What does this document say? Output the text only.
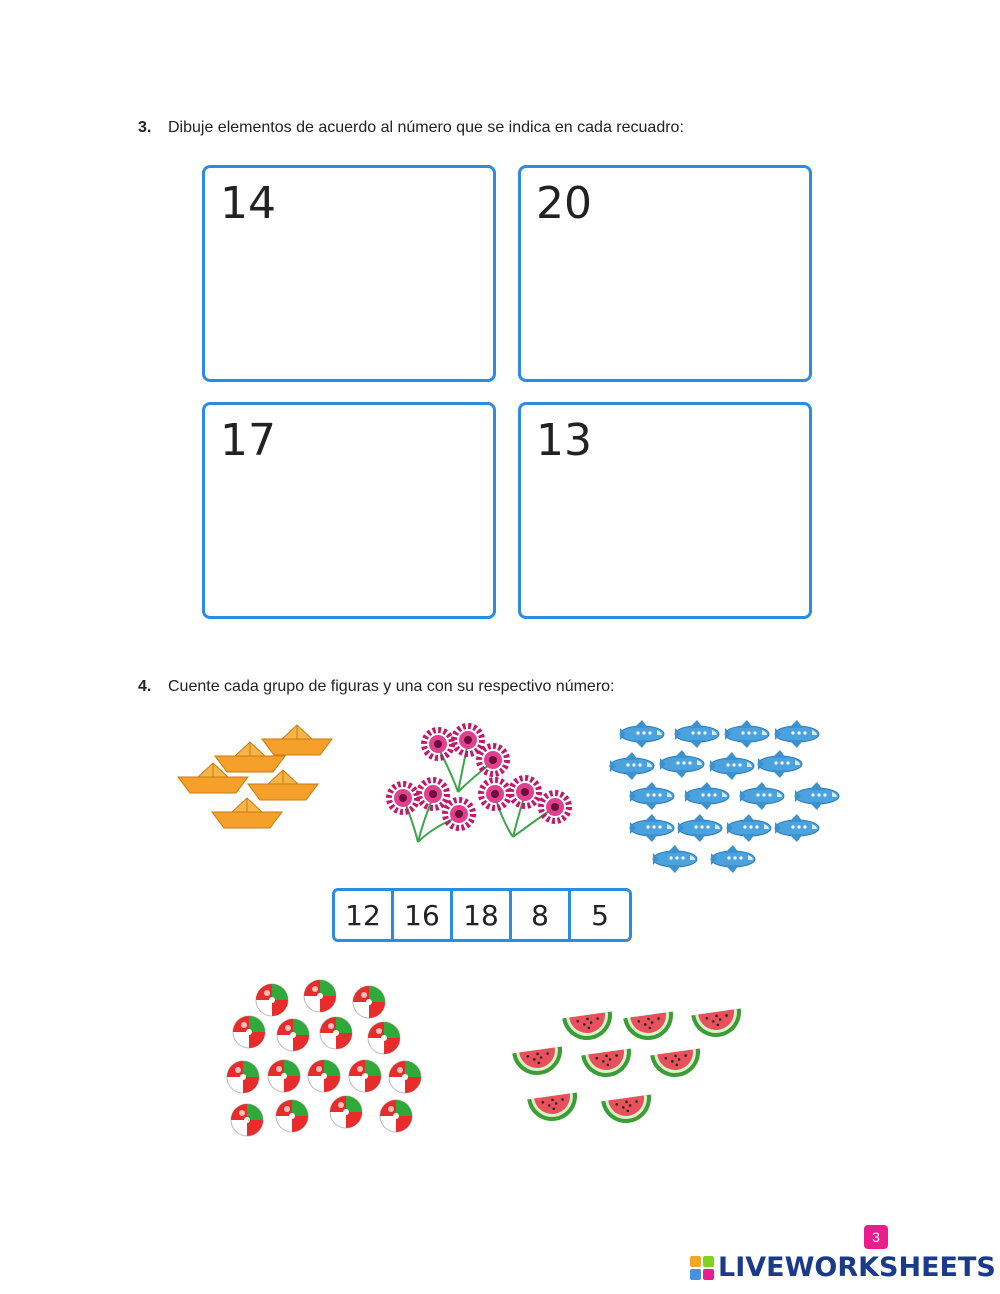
3. Dibuje elementos de acuerdo al número que se indica en cada recuadro:
14	20
17	13
4. Cuente cada grupo de figuras y una con su respectivo número:
12 16 18	8	5
3
LIVEWORKSHEETS
